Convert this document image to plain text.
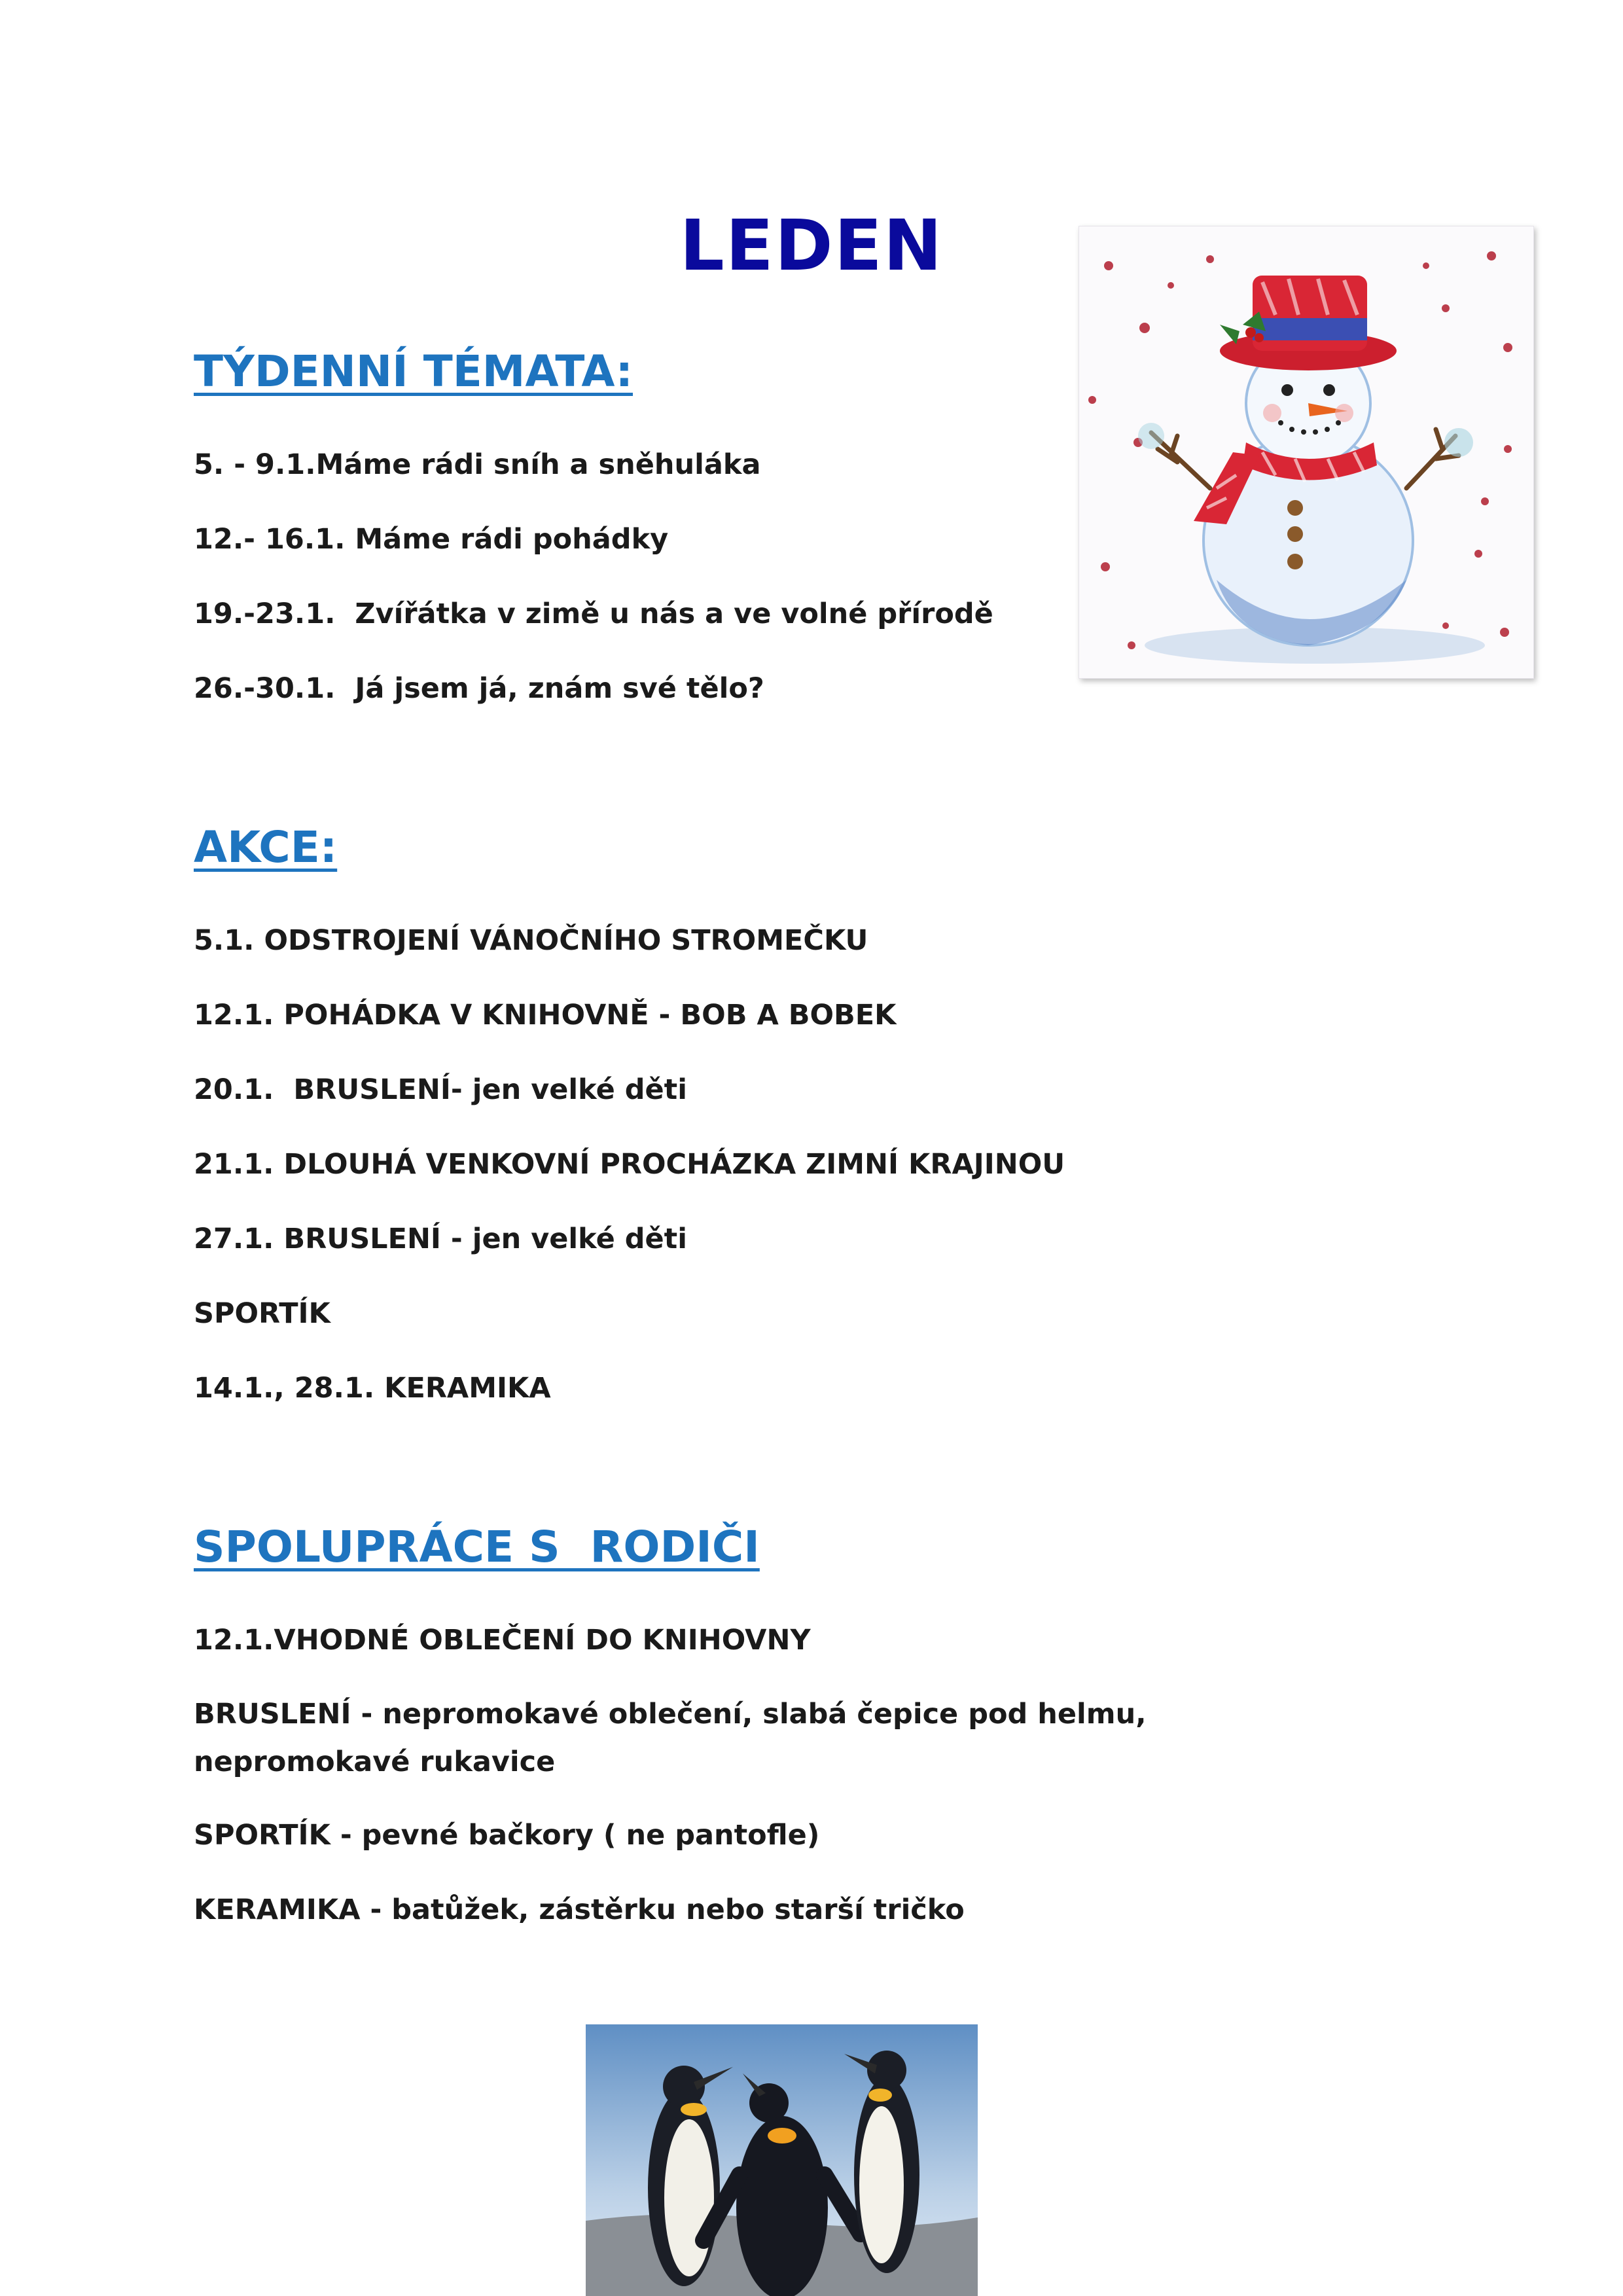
LEDEN
TÝDENNÍ TÉMATA:
5. - 9.1.Máme rádi sníh a sněhuláka
12.- 16.1. Máme rádi pohádky
19.-23.1.  Zvířátka v zimě u nás a ve volné přírodě
26.-30.1.  Já jsem já, znám své tělo?
AKCE:
5.1. ODSTROJENÍ VÁNOČNÍHO STROMEČKU
12.1. POHÁDKA V KNIHOVNĚ - BOB A BOBEK
20.1.  BRUSLENÍ- jen velké děti
21.1. DLOUHÁ VENKOVNÍ PROCHÁZKA ZIMNÍ KRAJINOU
27.1. BRUSLENÍ - jen velké děti
SPORTÍK
14.1., 28.1. KERAMIKA
SPOLUPRÁCE S  RODIČI
12.1.VHODNÉ OBLEČENÍ DO KNIHOVNY
BRUSLENÍ - nepromokavé oblečení, slabá čepice pod helmu, nepromokavé rukavice
SPORTÍK - pevné bačkory ( ne pantofle)
KERAMIKA - batůžek, zástěrku nebo starší tričko
